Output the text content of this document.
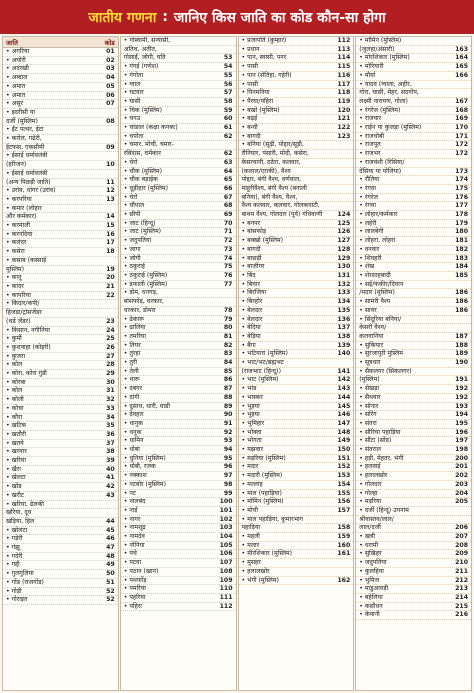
जातीय गणना : जानिए किस जाति का कोड कौन-सा होगा
जाति	कोड
• अगरिया	01
• अघोरी	02
• अदरखी	03
• अब्दाल	04
• अमात	05
• अमात	06
• असुर	07
• इदरीसी या
दर्जी (मुस्लिम)	08
• ईंट पत्थर, ईटा
• करोल, गढ़ेरी,
ईटफस, एकसीमी	09
• ईसाई धर्मावलंबी
(हरिजन)	10
• ईसाई धर्मावलंबी
(अन्य पिछड़ी जाति)	11
• उरांव, धांगर (उरांव)	12
• करपरिया	13
• कमार (लोहार
और कर्मकार)	14
• करमाली	15
• करनदिया	16
• कलंदर	17
• कसेरा	18
• कसाब (कस्साई
मुस्लिम)	19
• कानू	20
• कादर	21
• कापरिया	22
• किदार/कपी/
हिजड़ा/ट्रांसजेंडर
(थर्ड जेंडर)	23
• किसान, नगीनिया	24
• कुर्मी	25
• कुशवाहा (कोइरी)	26
• कुजरा	27
• कोल	28
• कोरा, कोरा गुंडी	29
• कोरबा	30
• कोल	31
• कोली	32
• कोचा	33
• कौरा	34
• खटिक	35
• खतौरी	36
• खतवे	37
• खरवार	38
• खरिया	39
• खैरा	40
• खेलटा	41
• खोंड	42
• खरौट	43
• खरिया, ढेलकी
खरिया, दूध
खड़िया, हिल	44
• खोलटा	45
• गड़ेरी	46
• गंझू	47
• गदेरी	48
• गद्दी	49
• गुलगुलिया	50
• गोंड (राजगोंड)	51
• गोड़ी	52
• गोराइत	52
• गोस्वामी, सन्यासी,
अतिथ, अतीत,
गोसाईं, जोगी, यति	53
• गंगई (गणेश)	54
• गंगोता	55
• ग्वाल	56
• घटवार	57
• घासी	58
• चिक (मुस्लिम)	59
• चनउ	60
• चांडाल (कक्षा कनकः)	61
• चपोता	62
• चमार, मोची, चमार-
रबिदास, चर्मकार	62
• चेरो	63
• चौक (मुस्लिम)	64
• चौक बड़ाईक	65
• चूड़ीहार (मुस्लिम)	66
• चेरो	67
• चौपाल	68
• छीपी	69
• जाट (हिन्दू)	70
• जाट (मुस्लिम)	71
• जदुपतिया	72
• जागा	73
• जोगी	74
• ठकुराई	75
• ठकुराई (मुस्लिम)	76
• डफाली (मुस्लिम)	77
• डोम, धनगड़,
बांसफोड़, धरकार,
धरकार, डोमरा	78
• ढेकारू	79
• ढालिया	80
• तमरिया	81
• तियर	82
• तुरहा	83
• तुरी	84
• तेली	85
• थारू	86
• दबगर	87
• दांगी	88
• दुसाध, धारी, धाडी	89
• देवहार	90
• धानुक	91
• धनुक	92
• धामिन	93
• धोबा	94
• धुनिया (मुस्लिम)	95
• धोबी, रजक	96
• नक्काश	97
• नटबोर (मुस्लिम)	98
• नट	99
• नालबंद	100
• नाई	101
• नागर	102
• नामशूद्र	103
• नामदेव	104
• नोनिया	105
• पंचे	106
• पटवा	107
• पठान (खान)	108
• पथर्फोड़	109
• पमरिया	110
• पहरिया	111
• पहिरा	112
• प्रजापति (कुम्हार)	112
• प्रधान	113
• पान, स्वासी, पनर	114
• पासी	115
• पान (सेतिहा, गहेरी)	116
• पासी	117
• पिनमनिया	118
• पैरघा/पहिरा	119
• बखो (मुस्लिम)	120
• बढ़ई	121
• बन्धी	122
• बागदी	123
• बनिया (सूढ़ी, पोद्दार/सूड़ी,
रौनियार, पंसारी, मोदी, कसेरा,
केसरवानी, ठठेरा, कलवार,
(कलाल/एराकी), वैश्य
पोद्दार, बंगी वैश्य, वर्णवाल,
माहुरीवैश्य, बंगी वैश्य (बनाली
बनिया), बंगी वैश्य, वैश्य,
वैश्य कलवार, कलवार, गोलकपाटी,
बाथम वैश्य, गोलदार (पूर्व) गंधिवाणी	124
• बनपर	125
• बांसफोड़	126
• बक्खो (मुस्लिम)	127
• बागदी	128
• बाछड़ी	129
• बाजीगर	130
• बिंद	131
• बियार	132
• बिरजिया	133
• बिरहोर	134
• बेलदार	135
• बेलदार	136
• बेदिया	137
• बेड़िया	138
• बैगा	139
• भटियारा (मुस्लिम)	140
• भाट/भट/ब्रह्मभट
(राजभाट (हिन्दू))	141
• भाट (मुस्लिम)	142
• भांड	143
• भास्कर	144
• भुइयां	145
• भुइया	146
• भुमिहार	147
• भोक्ता	148
• भोगता	149
• मझवार	150
• मड़रिया (मुस्लिम)	151
• मदार	152
• मदारी (मुस्लिम)	153
• मल्लाह	154
• माल (पहाड़िया)	155
• मोमिन (मुस्लिम)	156
• मोची	157
• माल पहाड़िया, कुमारभाग
पहाड़िया	158
• महली	159
• मलार	160
• मीरशिकार (मुस्लिम)	161
• मुसहर
• हलालखोर
• भंगी (मुस्लिम)	162
• मोमिन (मुस्लिम)
(जुलहा/अंसारी)	163
• मोरशिकार (मुस्लिम)	164
• मोरियारी	165
• मौर्या	166
• यादव (ग्वाला, अहीर,
गोरा, घासी, मेहर, सदगोप,
लक्ष्मी नारायण, गोला)	167
• रंगरेज (मुस्लिम)	168
• राजवार	169
• राईन या कुजड़ा (मुस्लिम)	170
• राजधोबी	171
• राजपूत	172
• राजभर	172
• राजवंशी (रिसिया/
देसिया या पोलिया)	173
• रौतिया	174
• रंगवा	175
• रंगरेज	176
• रंगवा	177
• लोहार/कर्मकार	178
• लहेरी	179
• लालबेगी	180
• लोहरा, लोहरा	181
• वनवार	182
• शिवहरी	183
• शेख	184
• शेरशाहबादी	185
• सई/फकीर/दिवान
/मदार (मुस्लिम)	186
• सामरी वैश्य	186
• सावर	186
• सिंदूरिया बनिया/
केसरी वैश्य/
कलवानिया	187
• सुकियार	188
• सुरजापुरी मुस्लिम	189
• सूत्रधार	190
• सैकलगर (सिकलगर)
(मुस्लिम)	191
• सेखड़ा	192
• सैथवार	192
• सोनार	193
• सोरेंग	194
• संतरा	195
• सौरिया पहाड़िया	196
• सौंटा (सोंड)	197
• संतराल	198
• हड़ी, मेहतर, भंगी	200
• हलवाई	201
• हलालखोर	202
• गोलदार	203
• गोल्हा	204
• मड़रिया	205
• दर्जी (हिन्दू) उपनाम
श्रीवास्तव/लाल/
लाल/दर्जी	206
• खत्री	207
• धरामी	208
• सुखिहर	209
• जदुपतिया	210
• कुलहिया	211
• भुमिज	212
• माडुआवड़ी	213
• बहेलिया	214
• कसौधन	215
• केवानी	216
